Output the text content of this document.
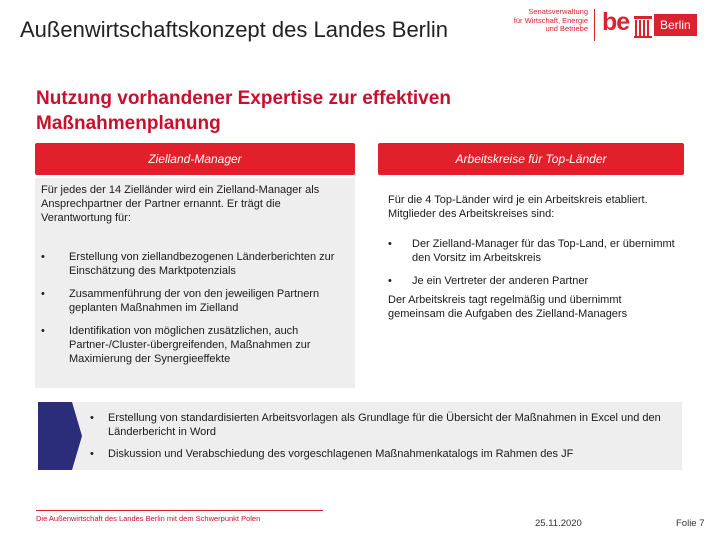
Außenwirtschaftskonzept des Landes Berlin
Senatsverwaltung
für Wirtschaft, Energie
und Betriebe be	Berlin
Nutzung vorhandener Expertise zur effektiven Maßnahmenplanung
Zielland-Manager	Arbeitskreise für Top-Länder

Für jedes der 14 Zielländer wird ein Zielland-Manager als Ansprechpartner der Partner ernannt. Er trägt die Verantwortung für:

• Erstellung von ziellandbezogenen Länderberichten zur Einschätzung des Marktpotenzials
• Zusammenführung der von den jeweiligen Partnern geplanten Maßnahmen im Zielland
• Identifikation von möglichen zusätzlichen, auch Partner-/Cluster-übergreifenden, Maßnahmen zur Maximierung der Synergieeffekte

Für die 4 Top-Länder wird je ein Arbeitskreis etabliert. Mitglieder des Arbeitskreises sind:

• Der Zielland-Manager für das Top-Land, er übernimmt den Vorsitz im Arbeitskreis
• Je ein Vertreter der anderen Partner

Der Arbeitskreis tagt regelmäßig und übernimmt gemeinsam die Aufgaben des Zielland-Managers

• Erstellung von standardisierten Arbeitsvorlagen als Grundlage für die Übersicht der Maßnahmen in Excel und den Länderbericht in Word
• Diskussion und Verabschiedung des vorgeschlagenen Maßnahmenkatalogs im Rahmen des JF
Die Außenwirtschaft des Landes Berlin mit dem Schwerpunkt Polen	25.11.2020	Folie 7
